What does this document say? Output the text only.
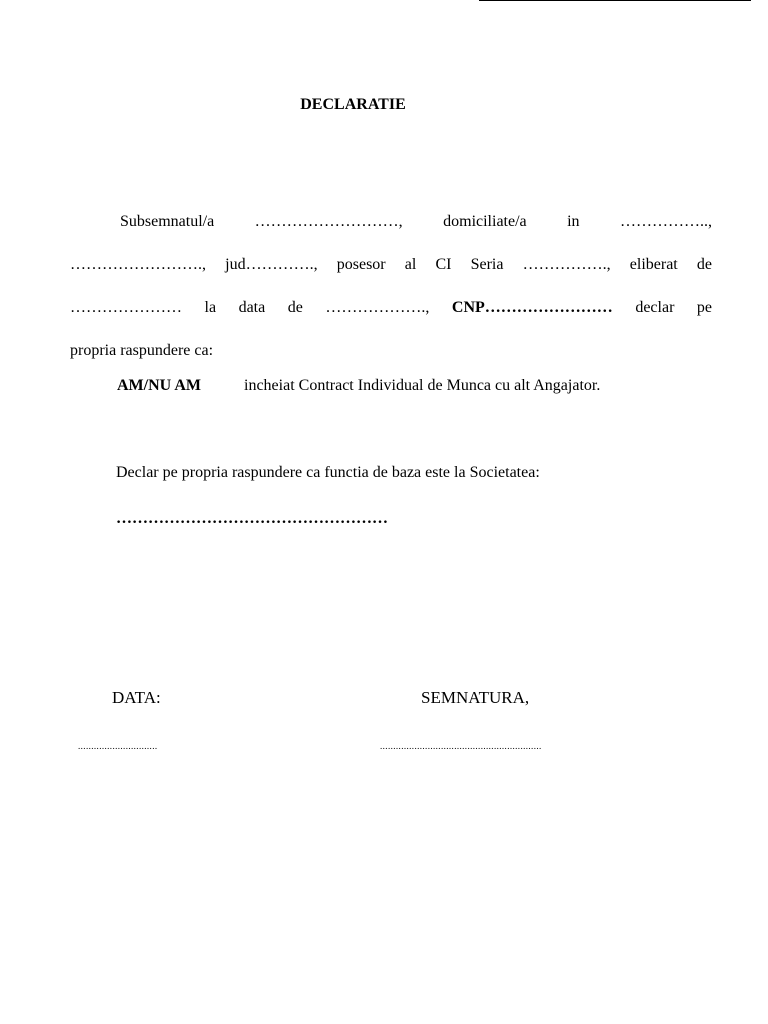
DECLARATIE
Subsemnatul/a ………………………, domiciliate/a in ……………..,
……………………., jud…………., posesor al CI Seria ……………., eliberat de
………………… la data de ………………., CNP…………………… declar pe
propria raspundere ca:
AM/NU AM	incheiat Contract Individual de Munca cu alt Angajator.
Declar pe propria raspundere ca functia de baza este la Societatea:
……………………………………………
DATA:	SEMNATURA,
..............................	.............................................................
